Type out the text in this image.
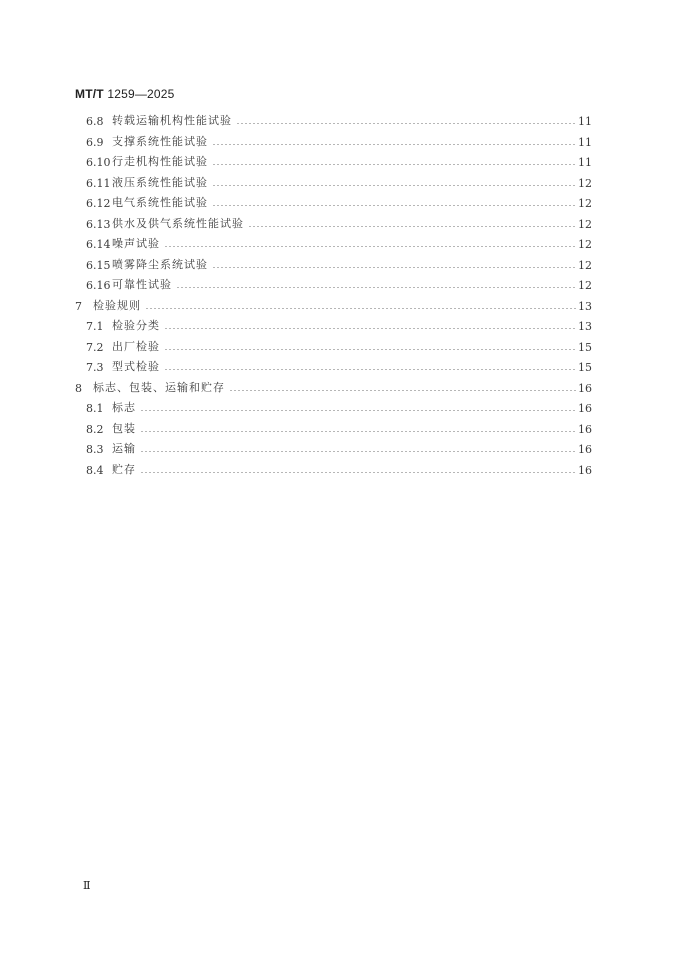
MT/T 1259—2025
6.8 转载运输机构性能试验	11
6.9 支撑系统性能试验	11
6.10 行走机构性能试验	11
6.11 液压系统性能试验	12
6.12 电气系统性能试验	12
6.13 供水及供气系统性能试验	12
6.14 噪声试验	12
6.15 喷雾降尘系统试验	12
6.16 可靠性试验	12
7	检验规则	13
7.1 检验分类	13
7.2 出厂检验	15
7.3 型式检验	15
8	标志、包装、运输和贮存	16
8.1 标志	16
8.2 包装	16
8.3 运输	16
8.4 贮存	16
Ⅱ
